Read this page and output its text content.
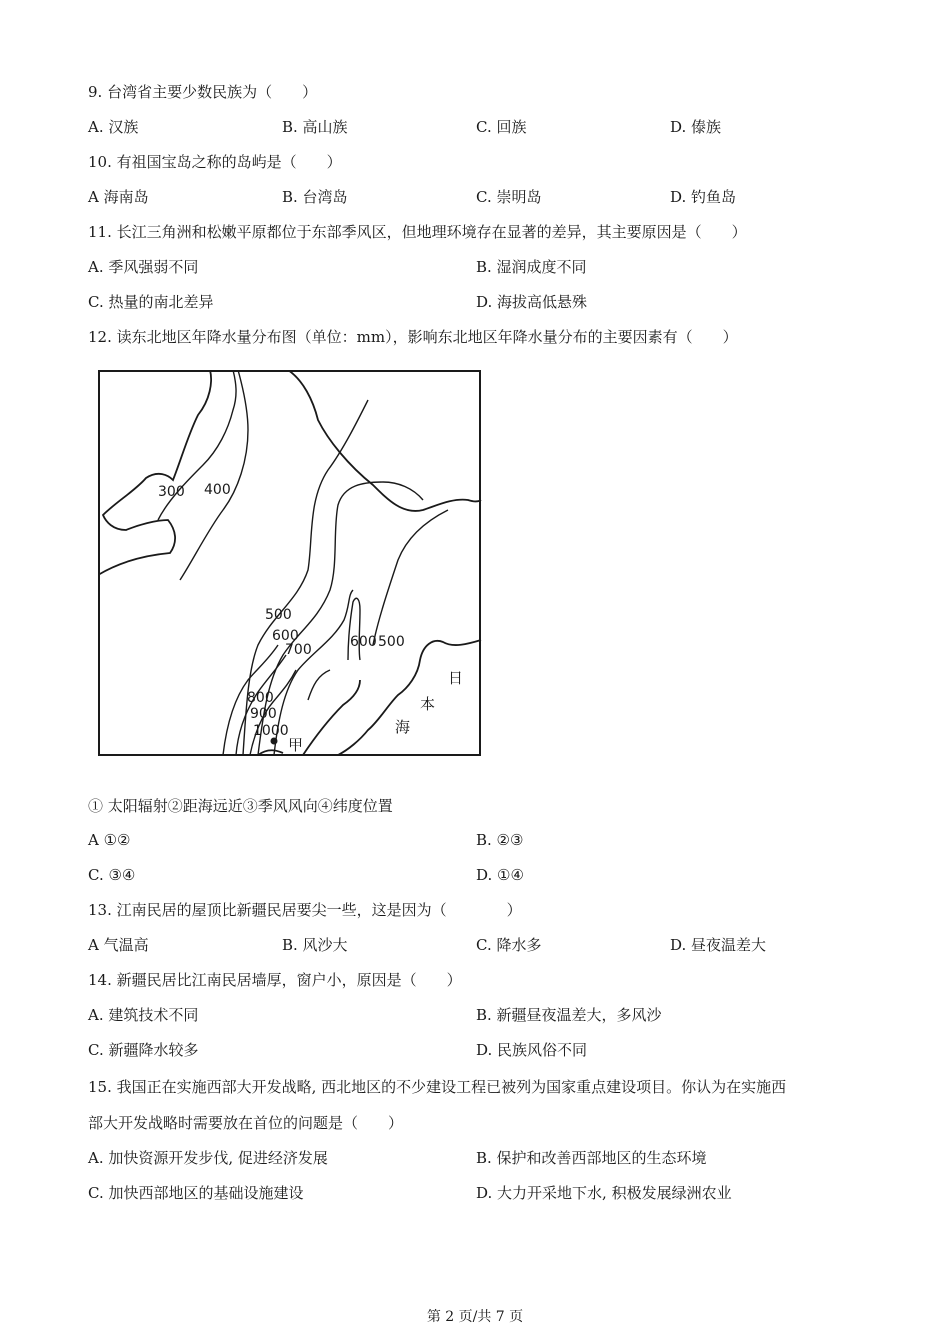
9. 台湾省主要少数民族为（　　）
A. 汉族	B. 高山族	C. 回族	D. 傣族
10. 有祖国宝岛之称的岛屿是（　　）
A 海南岛	B. 台湾岛	C. 崇明岛	D. 钓鱼岛
11. 长江三角洲和松嫩平原都位于东部季风区，但地理环境存在显著的差异，其主要原因是（　　）
A. 季风强弱不同	B. 湿润成度不同
C. 热量的南北差异	D. 海拔高低悬殊
12. 读东北地区年降水量分布图（单位：mm），影响东北地区年降水量分布的主要因素有（　　）
300 400
500
600
700	600 500
800
900
1000
甲
日
本
海
① 太阳辐射②距海远近③季风风向④纬度位置
A ①②	B. ②③
C. ③④	D. ①④
13. 江南民居的屋顶比新疆民居要尖一些，这是因为（　　　　）
A 气温高	B. 风沙大	C. 降水多	D. 昼夜温差大
14. 新疆民居比江南民居墙厚，窗户小，原因是（　　）
A. 建筑技术不同	B. 新疆昼夜温差大，多风沙
C. 新疆降水较多	D. 民族风俗不同
15. 我国正在实施西部大开发战略, 西北地区的不少建设工程已被列为国家重点建设项目。你认为在实施西
部大开发战略时需要放在首位的问题是（　　）
A. 加快资源开发步伐, 促进经济发展	B. 保护和改善西部地区的生态环境
C. 加快西部地区的基础设施建设	D. 大力开采地下水, 积极发展绿洲农业
第 2 页/共 7 页
